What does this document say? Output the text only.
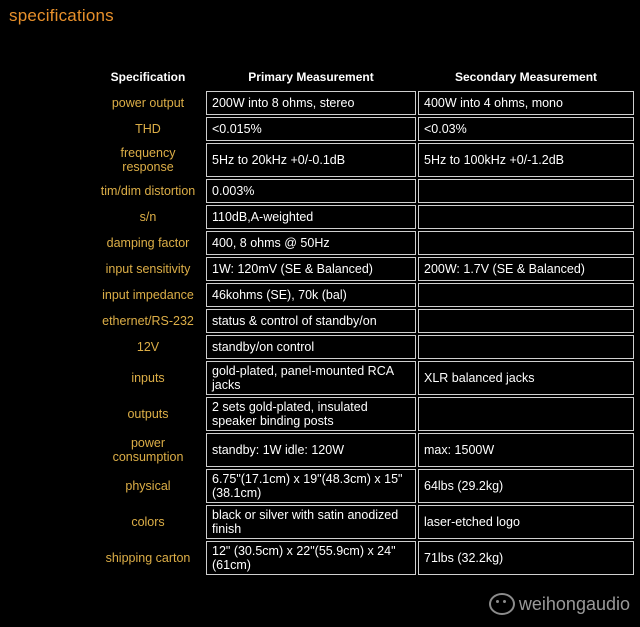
specifications
Specification	Primary Measurement	Secondary Measurement
power output	200W into 8 ohms, stereo	400W into 4 ohms, mono
THD	<0.015%	<0.03%
frequency response	5Hz to 20kHz +0/-0.1dB	5Hz to 100kHz +0/-1.2dB
tim/dim distortion	0.003%	
s/n	110dB,A-weighted	
damping factor	400, 8 ohms @ 50Hz	
input sensitivity	1W: 120mV (SE & Balanced)	200W: 1.7V (SE & Balanced)
input impedance	46kohms (SE), 70k (bal)	
ethernet/RS-232	status & control of standby/on	
12V	standby/on control	
inputs	gold-plated, panel-mounted RCA jacks	XLR balanced jacks
outputs	2 sets gold-plated, insulated speaker binding posts	
power consumption	standby: 1W idle: 120W	max: 1500W
physical	6.75"(17.1cm) x 19"(48.3cm) x 15"(38.1cm)	64lbs (29.2kg)
colors	black or silver with satin anodized finish	laser-etched logo
shipping carton	12" (30.5cm) x 22"(55.9cm) x 24"(61cm)	71lbs (32.2kg)
weihongaudio
